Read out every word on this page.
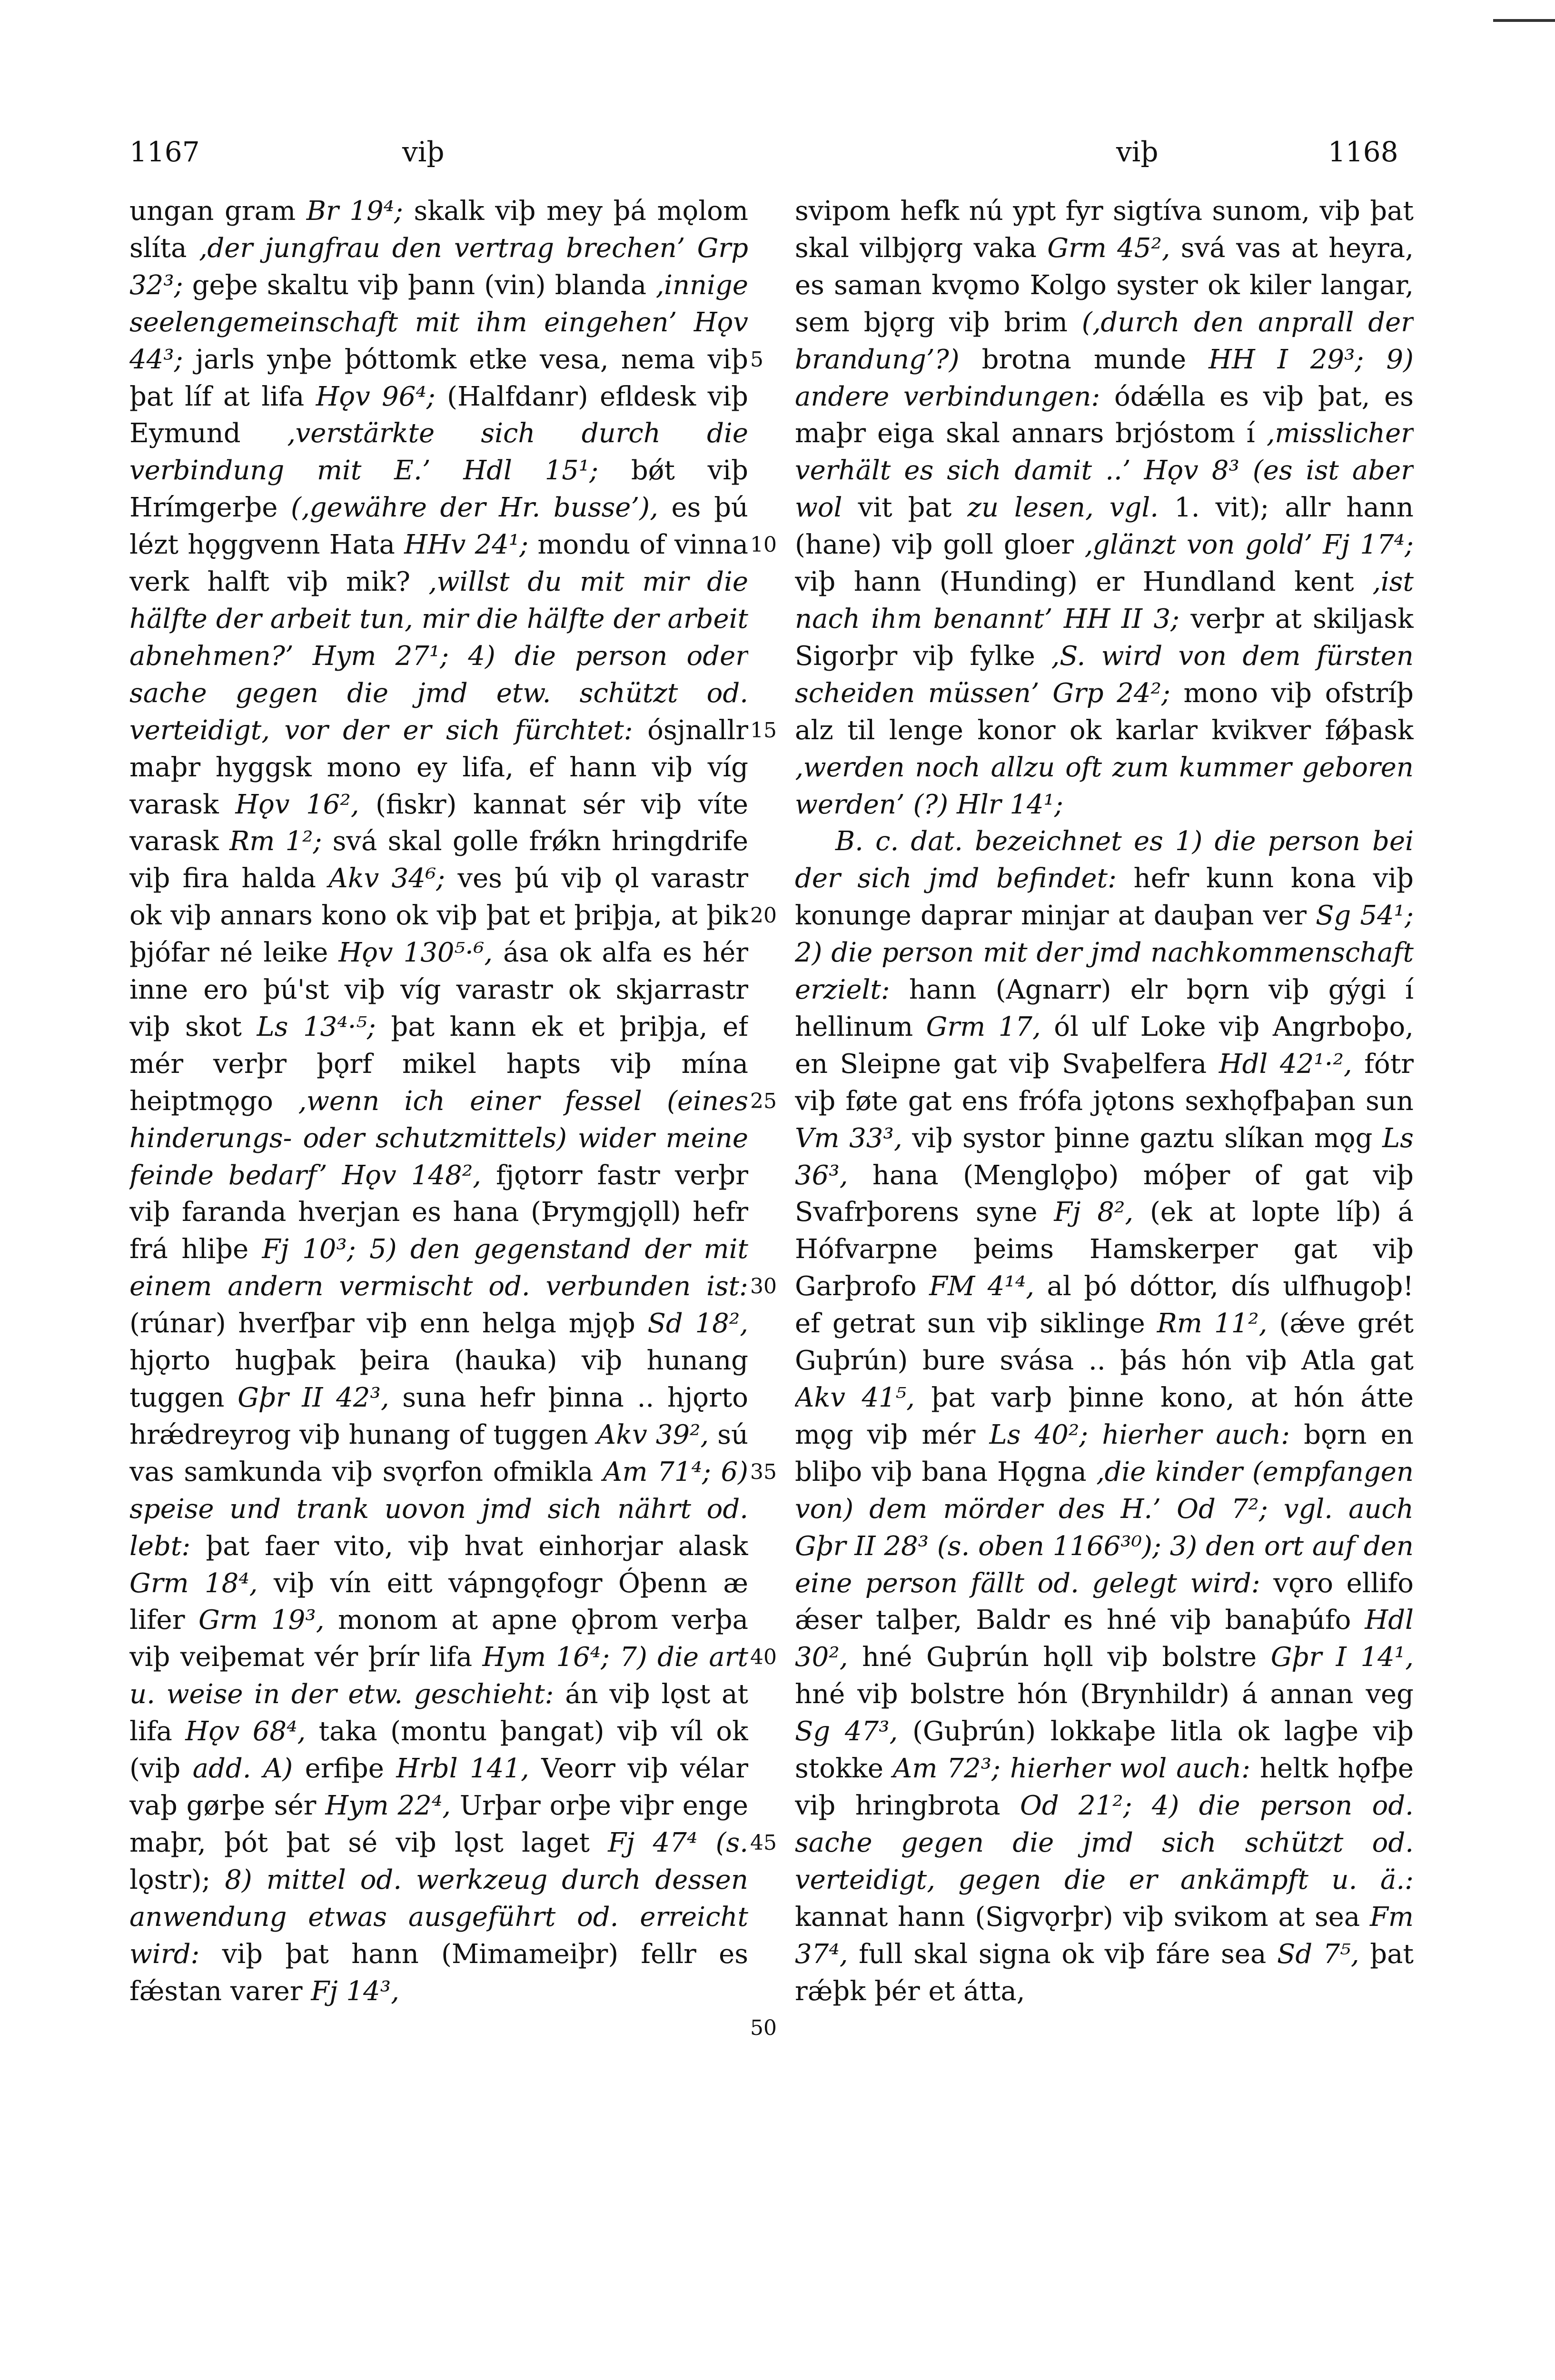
1167	viþ	viþ	1168

ungan gram Br 19⁴; skalk viþ mey þá mǫlom slíta ‚der jungfrau den vertrag brechen’ Grp 32³; geþe skaltu viþ þann (vin) blanda ‚innige seelengemeinschaft mit ihm eingehen’ Hǫv 44³; jarls ynþe þóttomk etke vesa, nema viþ þat líf at lifa Hǫv 96⁴; (Halfdanr) efldesk viþ Eymund ‚verstärkte sich durch die verbindung mit E.’ Hdl 15¹; bǿt viþ Hrímgerþe (‚gewähre der Hr. busse’), es þú lézt hǫggvenn Hata HHv 24¹; mondu of vinna verk halft viþ mik? ‚willst du mit mir die hälfte der arbeit tun, mir die hälfte der arbeit abnehmen?’ Hym 27¹; 4) die person oder sache gegen die jmd etw. schützt od. verteidigt, vor der er sich fürchtet: ósjnallr maþr hyggsk mono ey lifa, ef hann viþ víg varask Hǫv 16², (fiskr) kannat sér viþ víte varask Rm 1²; svá skal golle frǿkn hringdrife viþ fira halda Akv 34⁶; ves þú viþ ǫl varastr ok viþ annars kono ok viþ þat et þriþja, at þik þjófar né leike Hǫv 130⁵·⁶, ása ok alfa es hér inne ero þú'st viþ víg varastr ok skjarrastr viþ skot Ls 13⁴·⁵; þat kann ek et þriþja, ef mér verþr þǫrf mikel hapts viþ mína heiptmǫgo ‚wenn ich einer fessel (eines hinderungs- oder schutzmittels) wider meine feinde bedarf’ Hǫv 148², fjǫtorr fastr verþr viþ faranda hverjan es hana (Þrymgjǫll) hefr frá hliþe Fj 10³; 5) den gegenstand der mit einem andern vermischt od. verbunden ist: (rúnar) hverfþar viþ enn helga mjǫþ Sd 18², hjǫrto hugþak þeira (hauka) viþ hunang tuggen Gþr II 42³, suna hefr þinna .. hjǫrto hrǽdreyrog viþ hunang of tuggen Akv 39², sú vas samkunda viþ svǫrfon ofmikla Am 71⁴; 6) speise und trank uovon jmd sich nährt od. lebt: þat faer vito, viþ hvat einhorjar alask Grm 18⁴, viþ vín eitt vápngǫfogr Óþenn æ lifer Grm 19³, monom at apne ǫþrom verþa viþ veiþemat vér þrír lifa Hym 16⁴; 7) die art u. weise in der etw. geschieht: án viþ lǫst at lifa Hǫv 68⁴, taka (montu þangat) viþ víl ok (viþ add. A) erfiþe Hrbl 141, Veorr viþ vélar vaþ gørþe sér Hym 22⁴, Urþar orþe viþr enge maþr, þót þat sé viþ lǫst laget Fj 47⁴ (s. lǫstr); 8) mittel od. werkzeug durch dessen anwendung etwas ausgeführt od. erreicht wird: viþ þat hann (Mimameiþr) fellr es fǽstan varer Fj 14³,

5
10
15
20
25
30
35
40
45
50

svipom hefk nú ypt fyr sigtíva sunom, viþ þat skal vilbjǫrg vaka Grm 45², svá vas at heyra, es saman kvǫmo Kolgo syster ok kiler langar, sem bjǫrg viþ brim (‚durch den anprall der brandung’?) brotna munde HH I 29³; 9) andere verbindungen: ódǽlla es viþ þat, es maþr eiga skal annars brjóstom í ‚misslicher verhält es sich damit ..’ Hǫv 8³ (es ist aber wol vit þat zu lesen, vgl. 1. vit); allr hann (hane) viþ goll gloer ‚glänzt von gold’ Fj 17⁴; viþ hann (Hunding) er Hundland kent ‚ist nach ihm benannt’ HH II 3; verþr at skiljask Sigorþr viþ fylke ‚S. wird von dem fürsten scheiden müssen’ Grp 24²; mono viþ ofstríþ alz til lenge konor ok karlar kvikver fǿþask ‚werden noch allzu oft zum kummer geboren werden’ (?) Hlr 14¹;

B. c. dat. bezeichnet es 1) die person bei der sich jmd befindet: hefr kunn kona viþ konunge daprar minjar at dauþan ver Sg 54¹; 2) die person mit der jmd nachkommenschaft erzielt: hann (Agnarr) elr bǫrn viþ gýgi í hellinum Grm 17, ól ulf Loke viþ Angrboþo, en Sleipne gat viþ Svaþelfera Hdl 42¹·², fótr viþ føte gat ens frófa jǫtons sexhǫfþaþan sun Vm 33³, viþ systor þinne gaztu slíkan mǫg Ls 36³, hana (Menglǫþo) móþer of gat viþ Svafrþorens syne Fj 8², (ek at lopte líþ) á Hófvarpne þeims Hamskerper gat viþ Garþrofo FM 4¹⁴, al þó dóttor, dís ulfhugoþ! ef getrat sun viþ siklinge Rm 11², (ǽve grét Guþrún) bure svása .. þás hón viþ Atla gat Akv 41⁵, þat varþ þinne kono, at hón átte mǫg viþ mér Ls 40²; hierher auch: bǫrn en bliþo viþ bana Hǫgna ‚die kinder (empfangen von) dem mörder des H.’ Od 7²; vgl. auch Gþr II 28³ (s. oben 1166³⁰); 3) den ort auf den eine person fällt od. gelegt wird: vǫro ellifo ǽser talþer, Baldr es hné viþ banaþúfo Hdl 30², hné Guþrún hǫll viþ bolstre Gþr I 14¹, hné viþ bolstre hón (Brynhildr) á annan veg Sg 47³, (Guþrún) lokkaþe litla ok lagþe viþ stokke Am 72³; hierher wol auch: heltk hǫfþe viþ hringbrota Od 21²; 4) die person od. sache gegen die jmd sich schützt od. verteidigt, gegen die er ankämpft u. ä.: kannat hann (Sigvǫrþr) viþ svikom at sea Fm 37⁴, full skal signa ok viþ fáre sea Sd 7⁵, þat rǽþk þér et átta,
